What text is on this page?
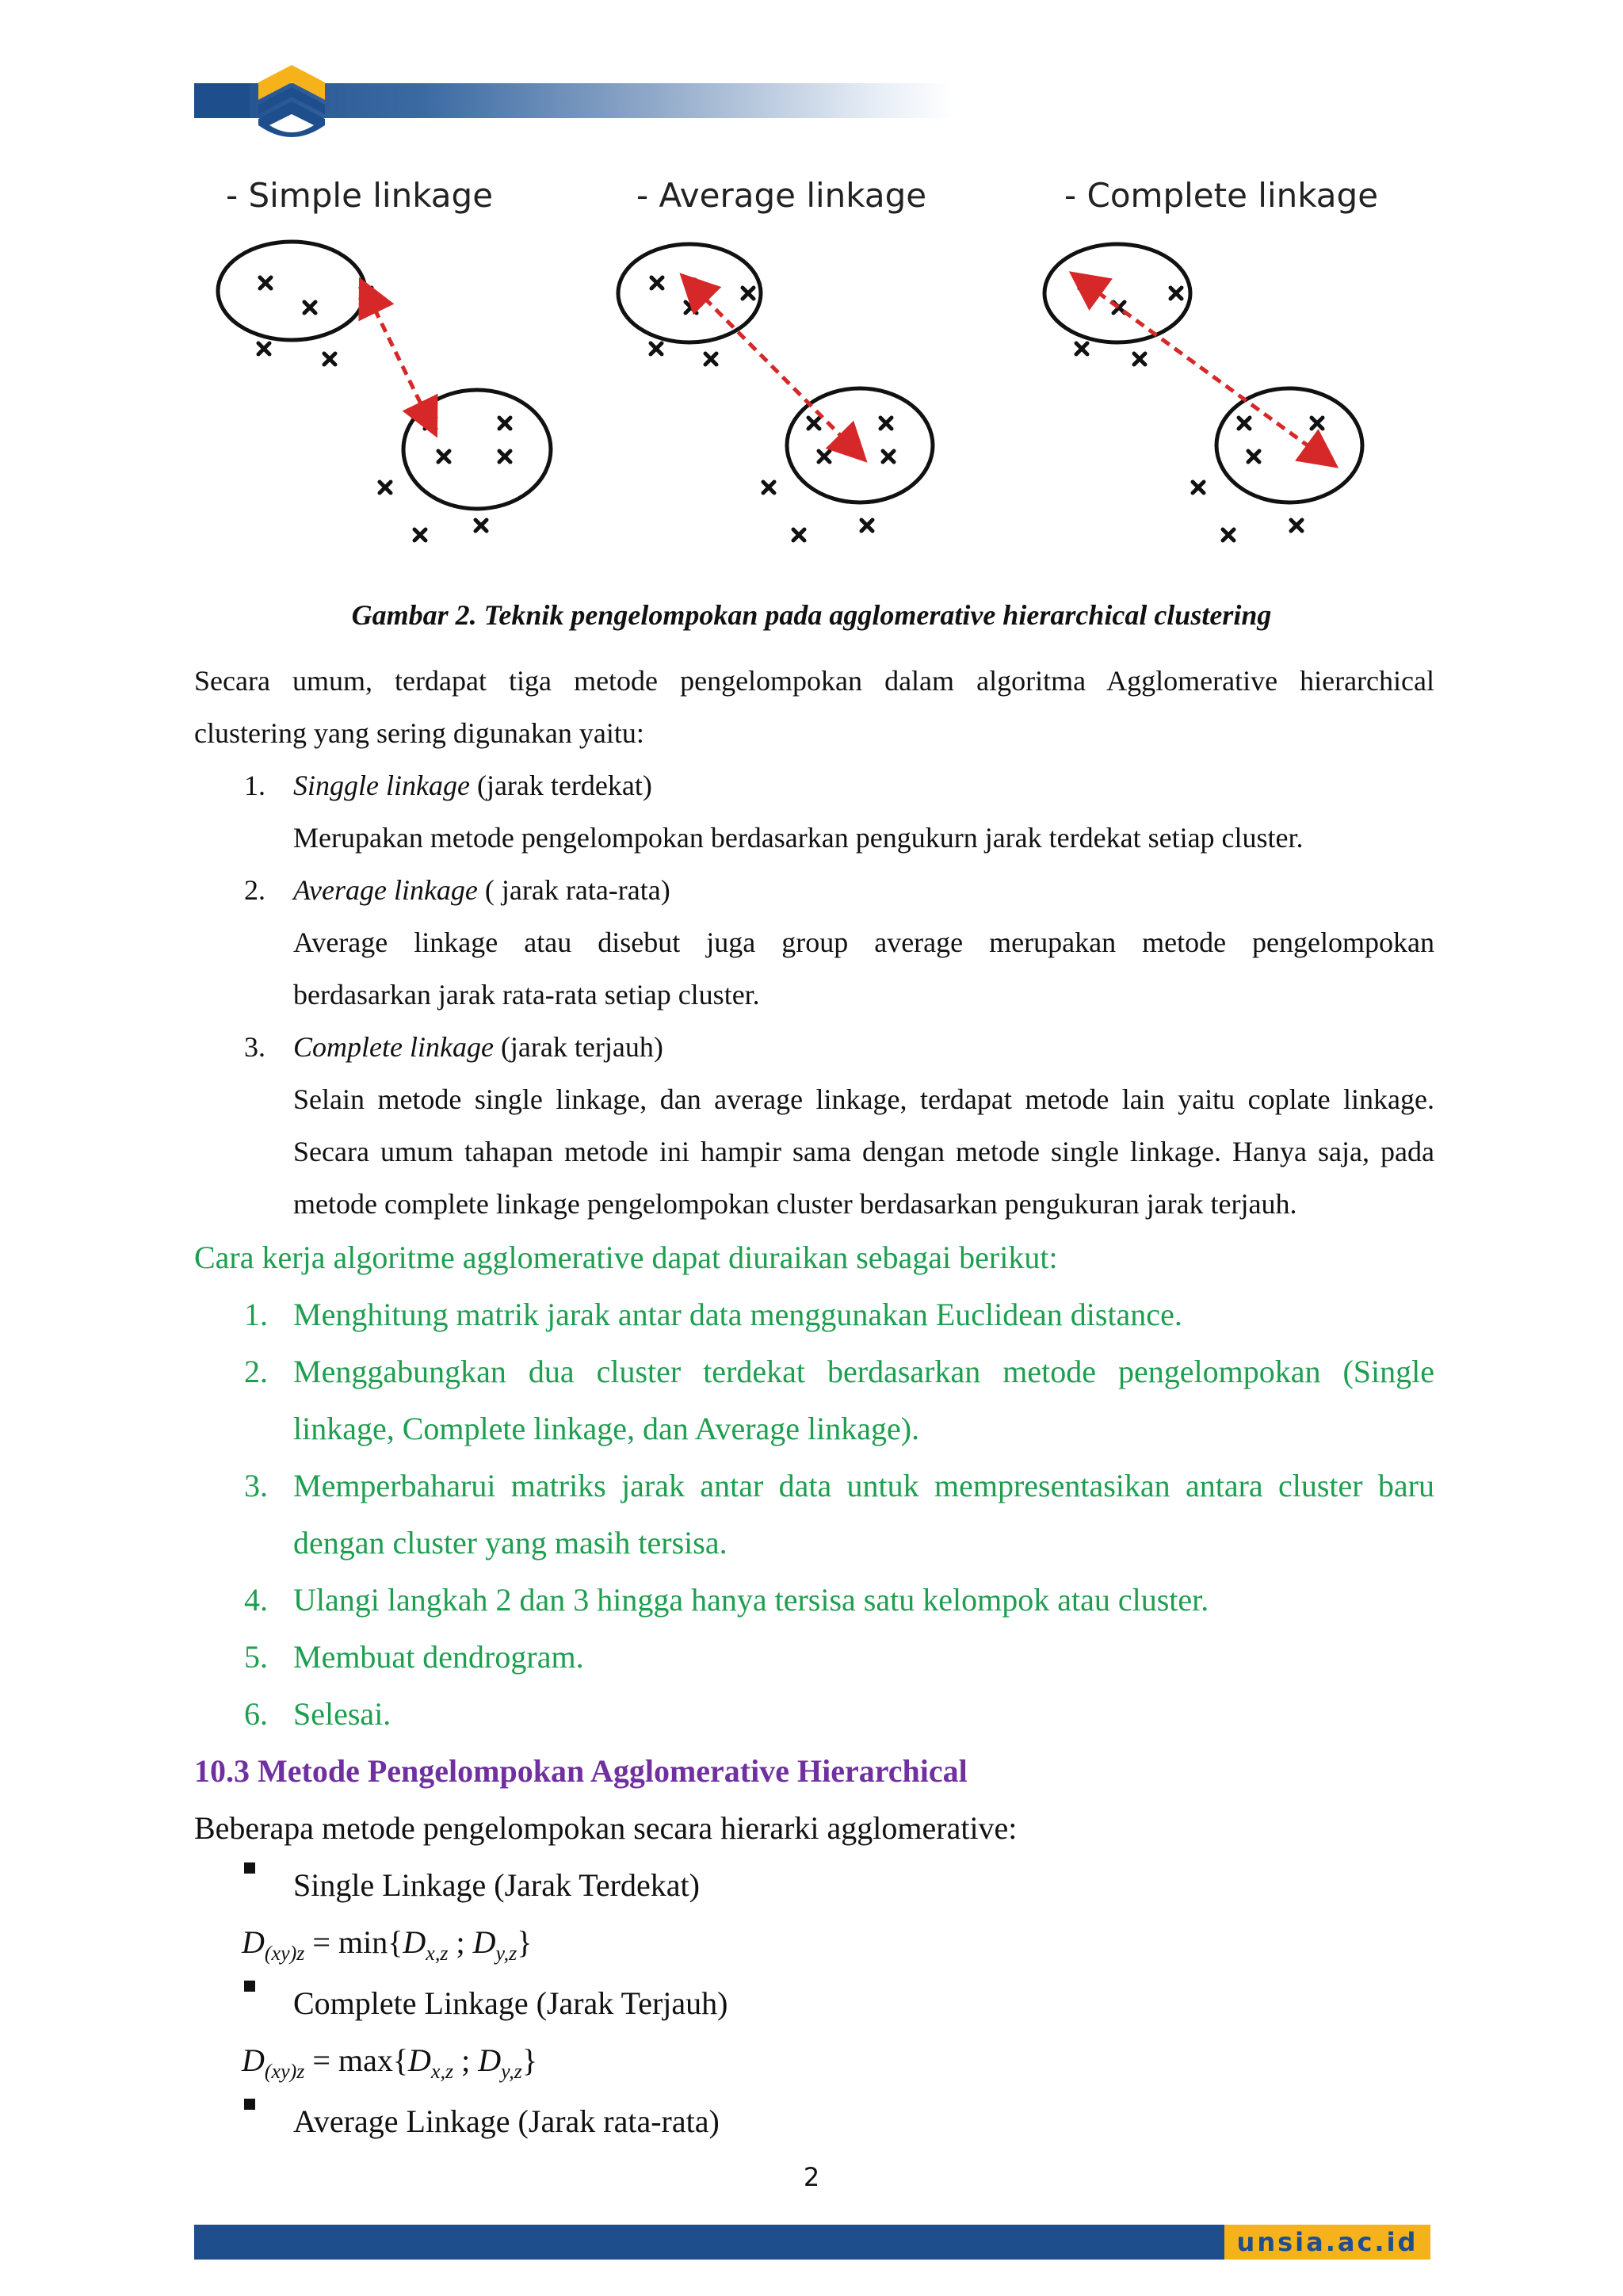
- Simple linkage	- Average linkage	- Complete linkage
Gambar 2. Teknik pengelompokan pada agglomerative hierarchical clustering
Secara umum, terdapat tiga metode pengelompokan dalam algoritma Agglomerative hierarchical
clustering yang sering digunakan yaitu:
1. Singgle linkage (jarak terdekat)
Merupakan metode pengelompokan berdasarkan pengukurn jarak terdekat setiap cluster.
2. Average linkage ( jarak rata-rata)
Average linkage atau disebut juga group average merupakan metode pengelompokan
berdasarkan jarak rata-rata setiap cluster.
3. Complete linkage (jarak terjauh)
Selain metode single linkage, dan average linkage, terdapat metode lain yaitu coplate linkage.
Secara umum tahapan metode ini hampir sama dengan metode single linkage. Hanya saja, pada
metode complete linkage pengelompokan cluster berdasarkan pengukuran jarak terjauh.
Cara kerja algoritme agglomerative dapat diuraikan sebagai berikut:
1. Menghitung matrik jarak antar data menggunakan Euclidean distance.
2. Menggabungkan dua cluster terdekat berdasarkan metode pengelompokan (Single
linkage, Complete linkage, dan Average linkage).
3. Memperbaharui matriks jarak antar data untuk mempresentasikan antara cluster baru
dengan cluster yang masih tersisa.
4. Ulangi langkah 2 dan 3 hingga hanya tersisa satu kelompok atau cluster.
5. Membuat dendrogram.
6. Selesai.
10.3 Metode Pengelompokan Agglomerative Hierarchical
Beberapa metode pengelompokan secara hierarki agglomerative:
Single Linkage (Jarak Terdekat)
$D_{(xy)z} = \min\{D_{x,z}$ ; $D_{y,z}$}
Complete Linkage (Jarak Terjauh)
$D_{(xy)z} = \max\{D_{x,z}$ ; $D_{y,z}$}
Average Linkage (Jarak rata-rata)
2
unsia.ac.id
